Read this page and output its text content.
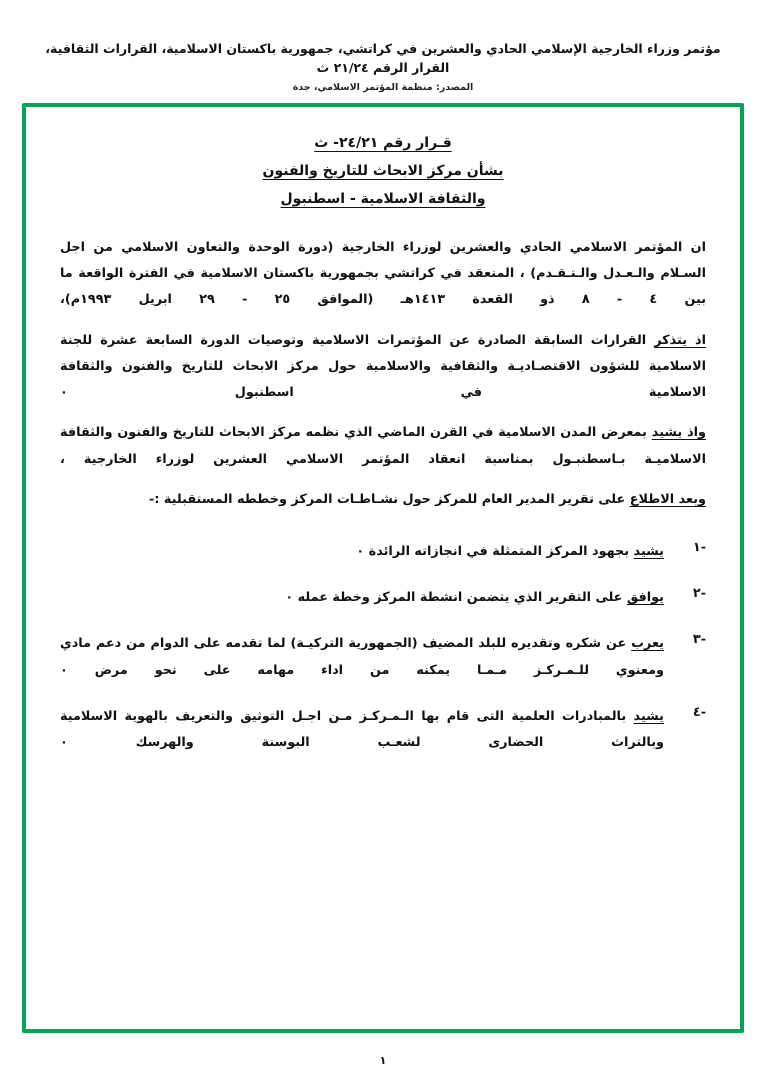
مؤتمر وزراء الخارجية الإسلامي الحادي والعشرين في كراتشي، جمهورية باكستان الاسلامية، القرارات الثقافية، القرار الرقم ٢١/٢٤ ث
المصدر: منظمة المؤتمر الاسلامي، جدة
قـرار رقم ٢٤/٢١- ث
بشأن مركز الابحاث للتاريخ والفنون
والثقافة الاسلامية - اسطنبول

ان المؤتمر الاسلامي الحادي والعشرين لوزراء الخارجية (دورة الوحدة والتعاون الاسلامي من اجل السـلام والـعـدل والـتـقـدم) ، المنعقد في كراتشي بجمهورية باكستان الاسلامية في الفترة الواقعة ما بين ٤ - ٨ ذو القعدة ١٤١٣هـ (الموافق ٢٥ - ٢٩ ابريل ١٩٩٣م)،

اذ يتذكر القرارات السابقة الصادرة عن المؤتمرات الاسلامية وتوصيات الدورة السابعة عشرة للجنة الاسلامية للشؤون الاقتصـاديـة والثقافية والاسلامية حول مركز الابحاث للتاريخ والفنون والثقافة الاسلامية في اسطنبول ٠

واذ يشيد بمعرض المدن الاسلامية في القرن الماضي الذي نظمه مركز الابحاث للتاريخ والفنون والثقافة الاسلاميـة بـاسطنبـول بمناسبة انعقاد المؤتمر الاسلامي العشرين لوزراء الخارجية ،

وبعد الاطلاع على تقرير المدير العام للمركز حول نشـاطـات المركز وخططه المستقبلية :-

-١
يشيد بجهود المركز المتمثلة في انجازاته الرائدة ٠
-٢
يوافق على التقرير الذي يتضمن انشطة المركز وخطة عمله ٠
-٣
يعرب عن شكره وتقديره للبلد المضيف (الجمهورية التركيـة) لما تقدمه على الدوام من دعم مادي ومعنوي للـمـركـز مـمـا يمكنه من اداء مهامه على نحو مرض ٠
-٤
يشيد بالمبادرات العلمية التى قام بها الـمـركـز مـن اجـل التوثيق والتعريف بالهوية الاسلامية وبالتراث الحضارى لشعـب البوسنة والهرسك ٠
١
